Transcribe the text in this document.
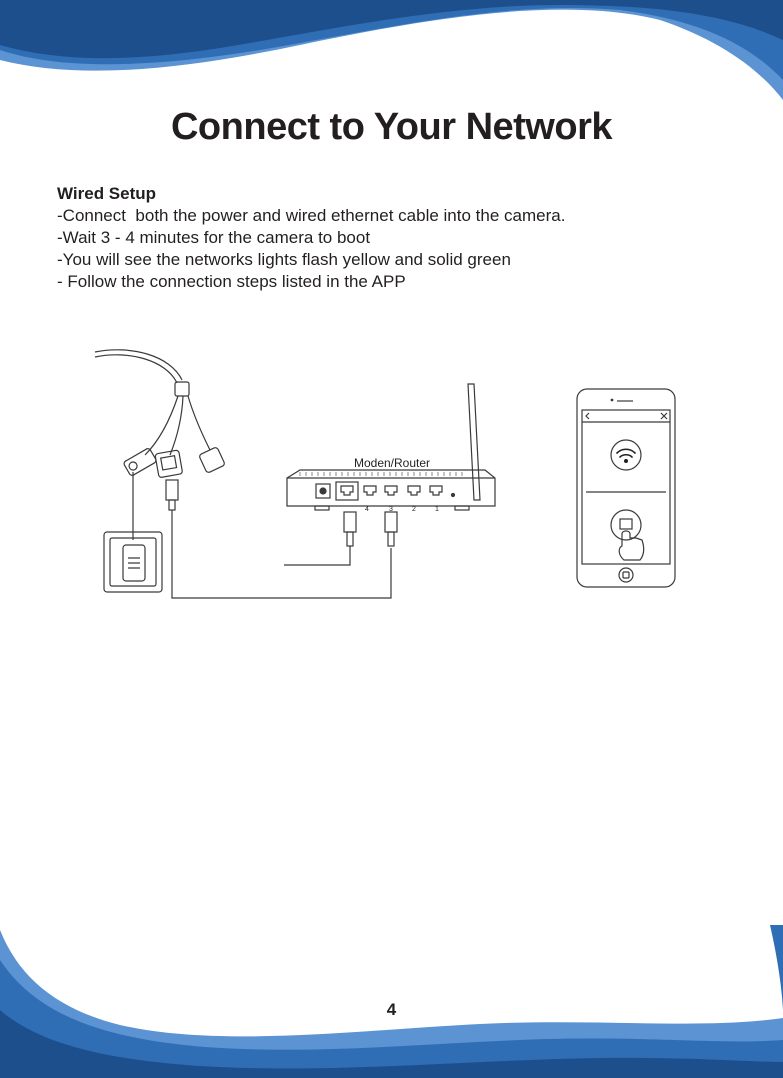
Connect to Your Network

Wired Setup

-Connect  both the power and wired ethernet cable into the camera.

-Wait 3 - 4 minutes for the camera to boot

-You will see the networks lights flash yellow and solid green

- Follow the connection steps listed in the APP

Moden/Router
4	3	2	1
4
